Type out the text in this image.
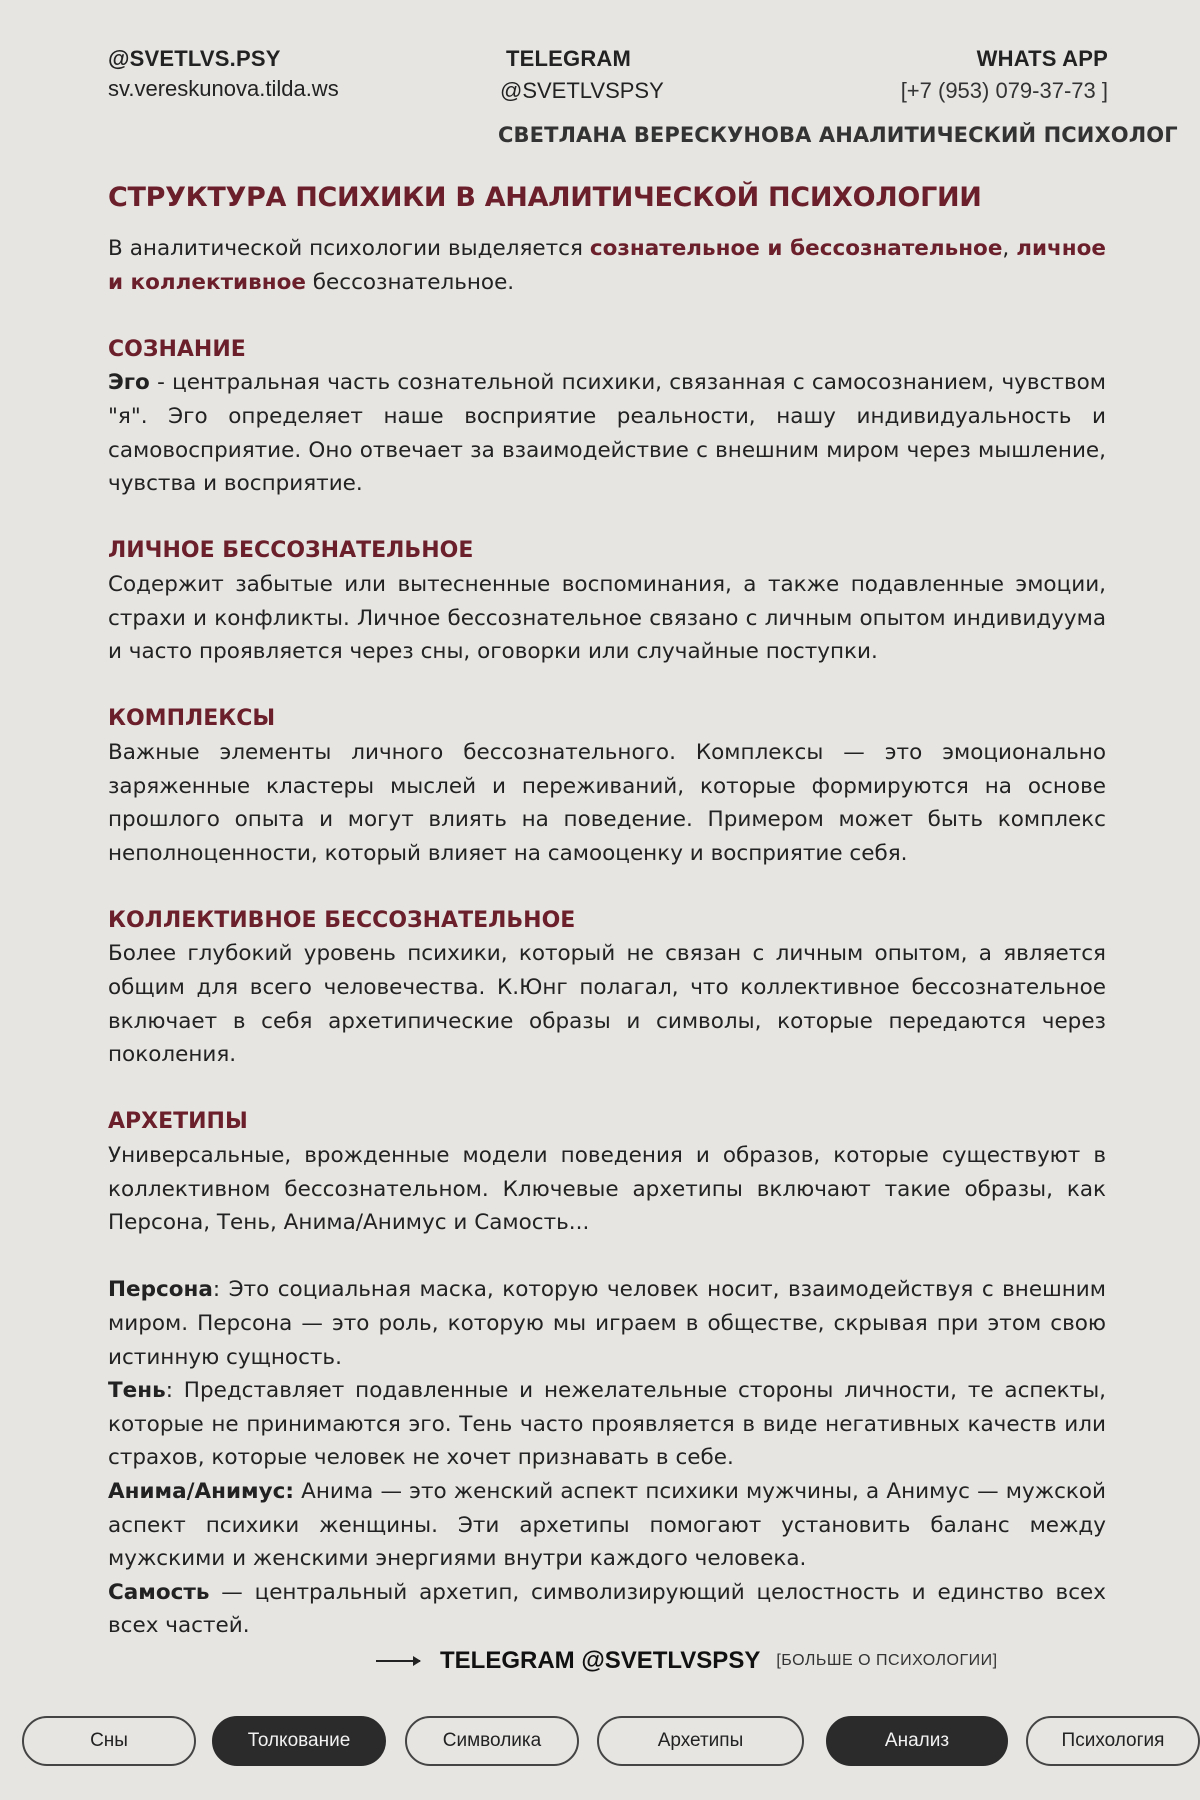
@SVETLVS.PSY
sv.vereskunova.tilda.ws
TELEGRAM
@SVETLVSPSY
WHATS APP
[+7 (953) 079-37-73 ]
СВЕТЛАНА ВЕРЕСКУНОВА АНАЛИТИЧЕСКИЙ ПСИХОЛОГ
СТРУКТУРА ПСИХИКИ В АНАЛИТИЧЕСКОЙ ПСИХОЛОГИИ

В аналитической психологии выделяется сознательное и бессознательное, личное и коллективное бессознательное.

СОЗНАНИЕ

Эго - центральная часть сознательной психики, связанная с самосознанием, чувством "я". Эго определяет наше восприятие реальности, нашу индивидуальность и самовосприятие. Оно отвечает за взаимодействие с внешним миром через мышление, чувства и восприятие.

ЛИЧНОЕ БЕССОЗНАТЕЛЬНОЕ

Содержит забытые или вытесненные воспоминания, а также подавленные эмоции, страхи и конфликты. Личное бессознательное связано с личным опытом индивидуума и часто проявляется через сны, оговорки или случайные поступки.

КОМПЛЕКСЫ

Важные элементы личного бессознательного. Комплексы — это эмоционально заряженные кластеры мыслей и переживаний, которые формируются на основе прошлого опыта и могут влиять на поведение. Примером может быть комплекс неполноценности, который влияет на самооценку и восприятие себя.

КОЛЛЕКТИВНОЕ БЕССОЗНАТЕЛЬНОЕ

Более глубокий уровень психики, который не связан с личным опытом, а является общим для всего человечества. К.Юнг полагал, что коллективное бессознательное включает в себя архетипические образы и символы, которые передаются через поколения.

АРХЕТИПЫ

Универсальные, врожденные модели поведения и образов, которые существуют в коллективном бессознательном. Ключевые архетипы включают такие образы, как Персона, Тень, Анима/Анимус и Самость...

Персона: Это социальная маска, которую человек носит, взаимодействуя с внешним миром. Персона — это роль, которую мы играем в обществе, скрывая при этом свою истинную сущность.

Тень: Представляет подавленные и нежелательные стороны личности, те аспекты, которые не принимаются эго. Тень часто проявляется в виде негативных качеств или страхов, которые человек не хочет признавать в себе.

Анима/Анимус: Анима — это женский аспект психики мужчины, а Анимус — мужской аспект психики женщины. Эти архетипы помогают установить баланс между мужскими и женскими энергиями внутри каждого человека.

Самость — центральный архетип, символизирующий целостность и единство всех всех частей.

TELEGRAM @SVETLVSPSY [БОЛЬШЕ О ПСИХОЛОГИИ]
Сны	Толкование	Символика	Архетипы	Анализ	Психология
